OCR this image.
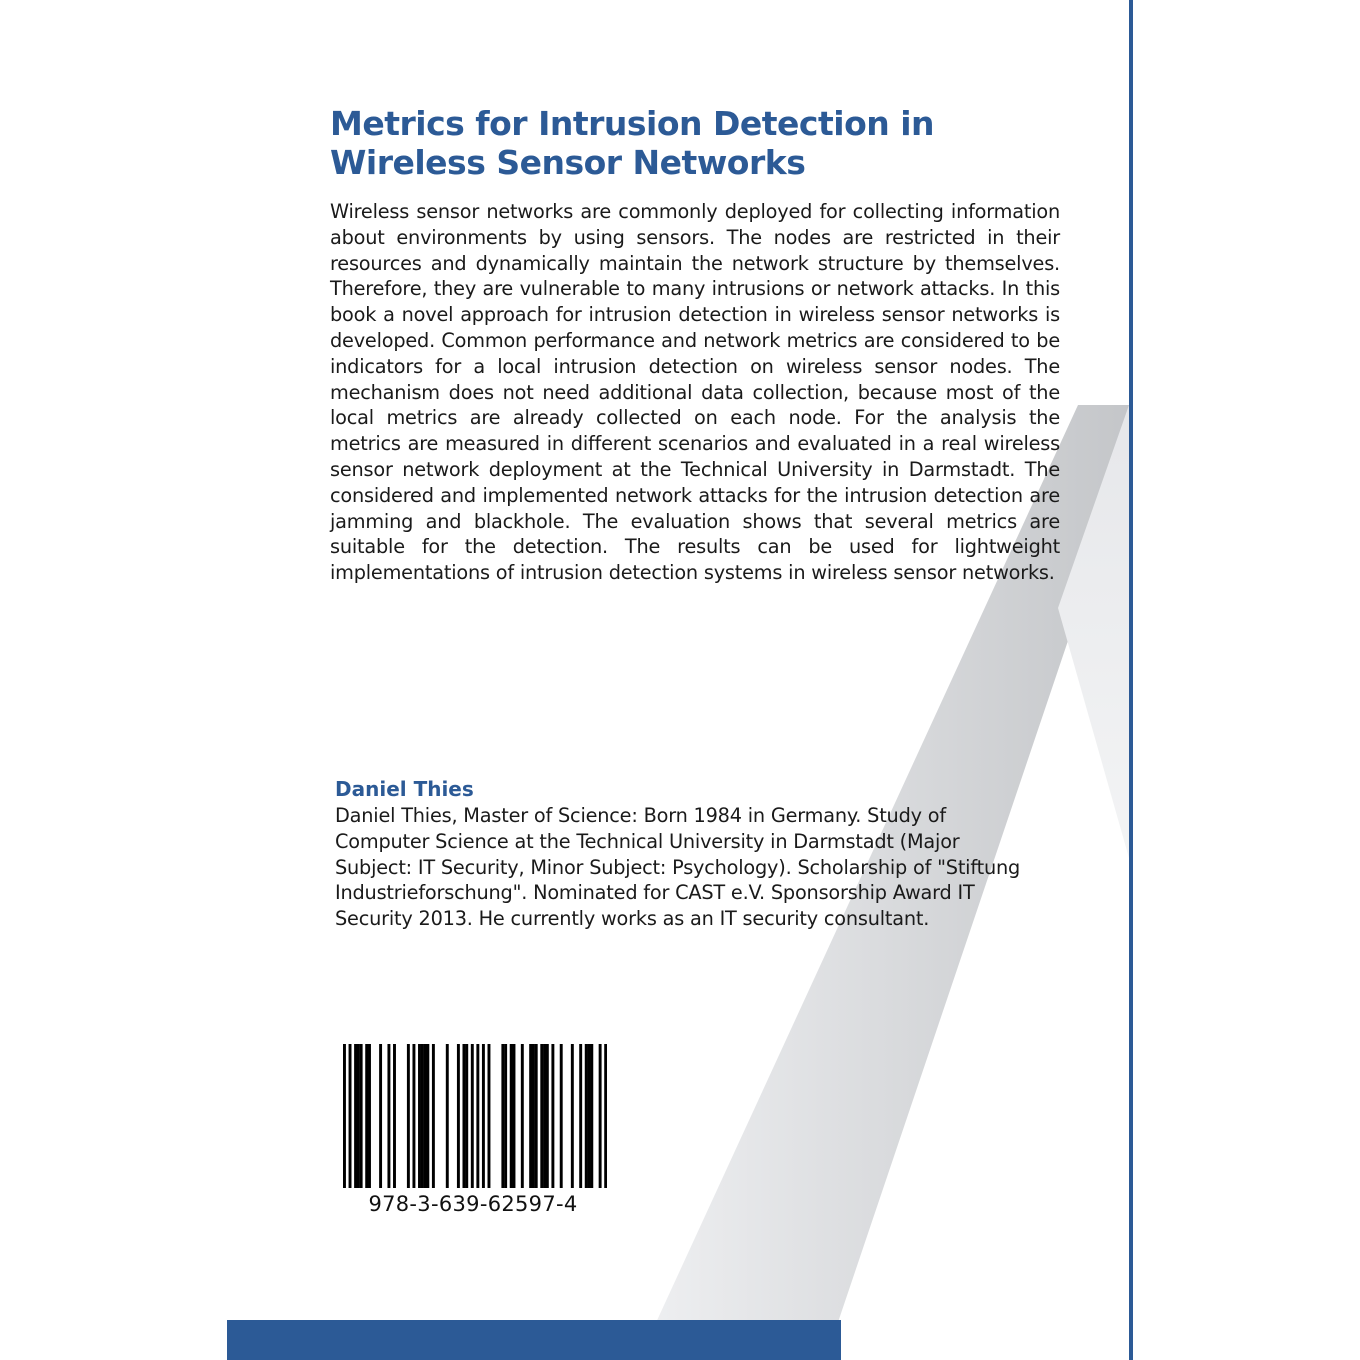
Metrics for Intrusion Detection in
Wireless Sensor Networks

Wireless sensor networks are commonly deployed for collecting information about environments by using sensors. The nodes are restricted in their resources and dynamically maintain the network structure by themselves. Therefore, they are vulnerable to many intrusions or network attacks. In this book a novel approach for intrusion detection in wireless sensor networks is developed. Common performance and network metrics are considered to be indicators for a local intrusion detection on wireless sensor nodes. The mechanism does not need additional data collection, because most of the local metrics are already collected on each node. For the analysis the metrics are measured in different scenarios and evaluated in a real wireless sensor network deployment at the Technical University in Darmstadt. The considered and implemented network attacks for the intrusion detection are jamming and blackhole. The evaluation shows that several metrics are suitable for the detection. The results can be used for lightweight implementations of intrusion detection systems in wireless sensor networks.

Daniel Thies

Daniel Thies, Master of Science: Born 1984 in Germany. Study of Computer Science at the Technical University in Darmstadt (Major Subject: IT Security, Minor Subject: Psychology). Scholarship of "Stiftung Industrieforschung". Nominated for CAST e.V. Sponsorship Award IT Security 2013. He currently works as an IT security consultant.

978-3-639-62597-4
